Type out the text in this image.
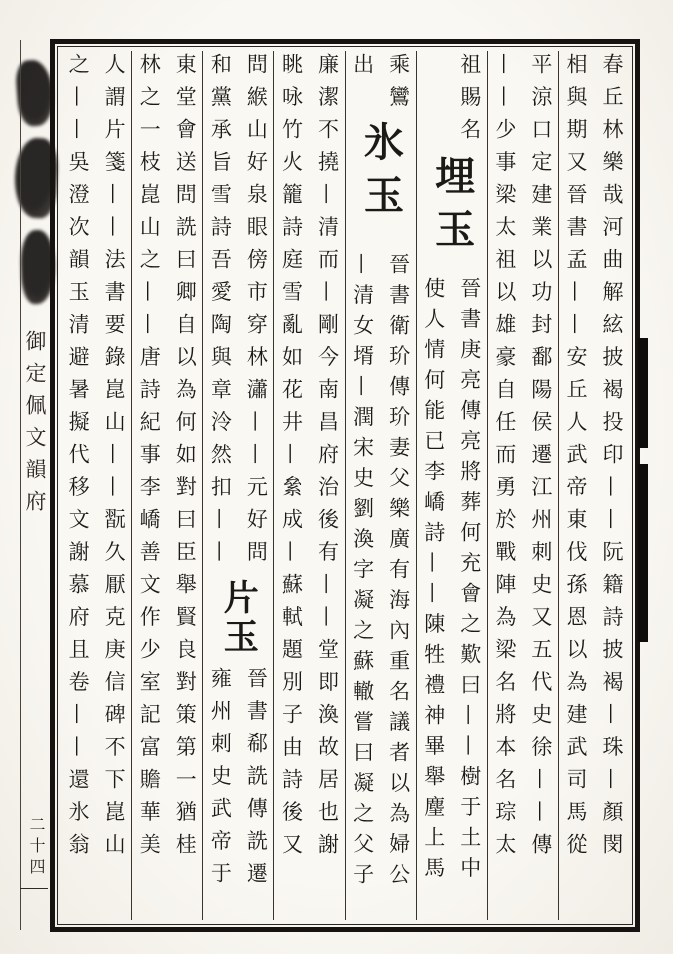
御定佩文韻府
二十四	春丘林樂哉河曲解絃披褐投印——阮籍詩披褐—珠—顏閔
相與期又晉書孟——安丘人武帝東伐孫恩以為建武司馬從
平涼口定建業以功封鄱陽侯遷江州刺史又五代史徐——傳
——少事梁太祖以雄豪自任而勇於戰陣為梁名將本名琮太
祖賜名
埋玉
晉書庚亮傳亮將葬何充會之歎曰——樹于土中
使人情何能已李嶠詩——陳牲禮神畢舉麈上馬
乘鸞
出
氷玉
晉書衛玠傳玠妻父樂廣有海內重名議者以為婦公
—清女壻—潤宋史劉渙字凝之蘇轍嘗曰凝之父子
廉潔不撓—清而—剛今南昌府治後有——堂即渙故居也謝
眺咏竹火籠詩庭雪亂如花井—絫成—蘇軾題別子由詩後又
問緱山好泉眼傍市穿林瀟——元好問
和黨承旨雪詩吾愛陶與章泠然扣——
片玉
晉書郗詵傳詵遷
雍州刺史武帝于
東堂會送問詵曰卿自以為何如對曰臣舉賢良對策第一猶桂
林之一枝崑山之——唐詩紀事李嶠善文作少室記富贍華美
人謂片箋——法書要錄崑山——翫久厭克庚信碑不下崑山
之——吳澄次韻玉清避暑擬代移文謝慕府且卷——還氷翁
